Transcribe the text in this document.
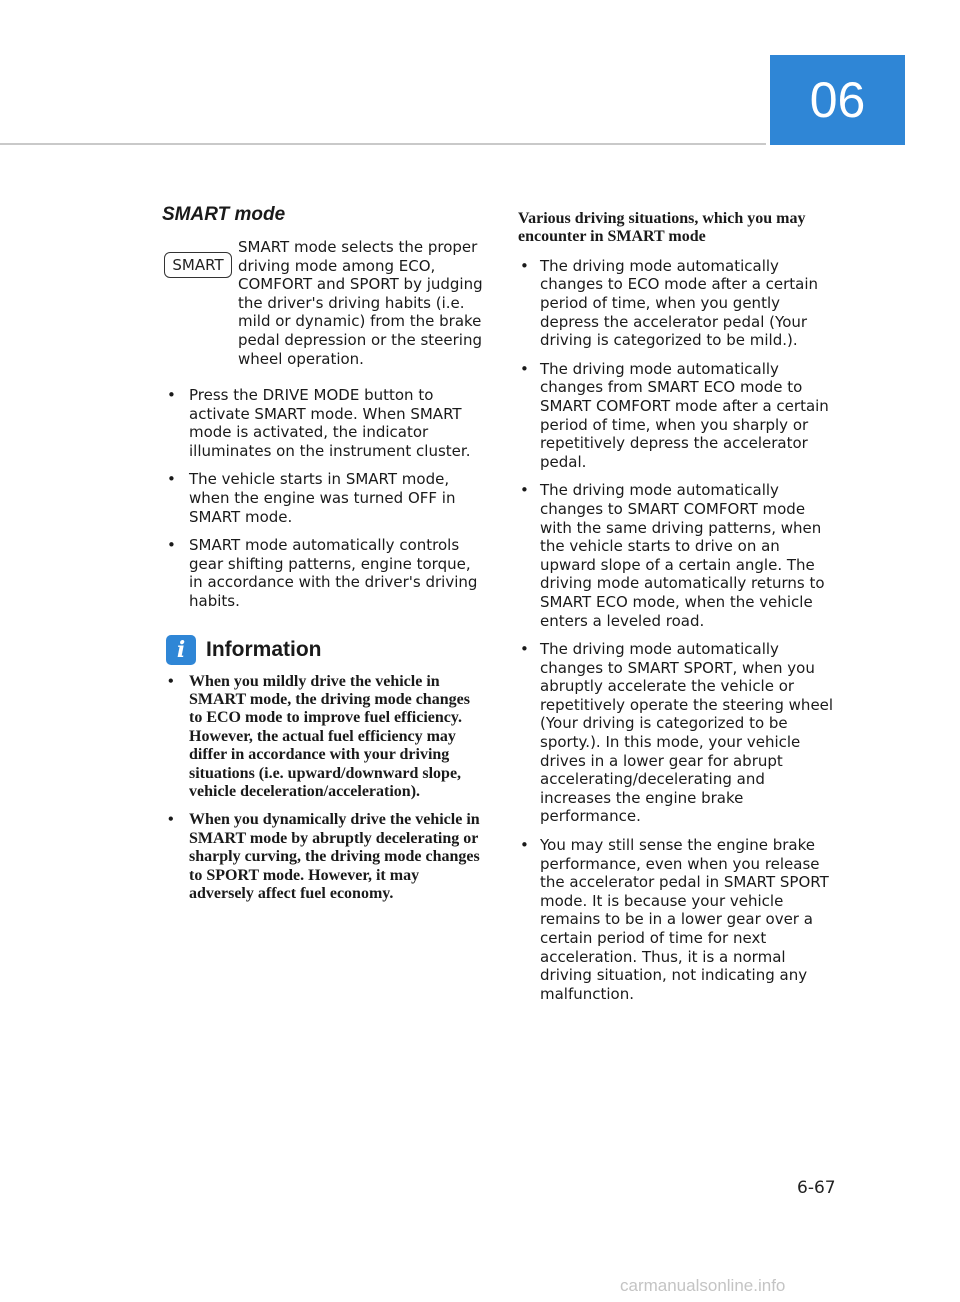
06
SMART mode
SMART
SMART mode selects the proper driving mode among ECO, COMFORT and SPORT by judging the driver's driving habits (i.e. mild or dynamic) from the brake pedal depression or the steering wheel operation.
• Press the DRIVE MODE button to activate SMART mode. When SMART mode is activated, the indicator illuminates on the instrument cluster.
• The vehicle starts in SMART mode, when the engine was turned OFF in SMART mode.
• SMART mode automatically controls gear shifting patterns, engine torque, in accordance with the driver's driving habits.
i Information
• When you mildly drive the vehicle in SMART mode, the driving mode changes to ECO mode to improve fuel efficiency. However, the actual fuel efficiency may differ in accordance with your driving situations (i.e. upward/downward slope, vehicle deceleration/acceleration).
• When you dynamically drive the vehicle in SMART mode by abruptly decelerating or sharply curving, the driving mode changes to SPORT mode. However, it may adversely affect fuel economy.
Various driving situations, which you may encounter in SMART mode
• The driving mode automatically changes to ECO mode after a certain period of time, when you gently depress the accelerator pedal (Your driving is categorized to be mild.).
• The driving mode automatically changes from SMART ECO mode to SMART COMFORT mode after a certain period of time, when you sharply or repetitively depress the accelerator pedal.
• The driving mode automatically changes to SMART COMFORT mode with the same driving patterns, when the vehicle starts to drive on an upward slope of a certain angle. The driving mode automatically returns to SMART ECO mode, when the vehicle enters a leveled road.
• The driving mode automatically changes to SMART SPORT, when you abruptly accelerate the vehicle or repetitively operate the steering wheel (Your driving is categorized to be sporty.). In this mode, your vehicle drives in a lower gear for abrupt accelerating/decelerating and increases the engine brake performance.
• You may still sense the engine brake performance, even when you release the accelerator pedal in SMART SPORT mode. It is because your vehicle remains to be in a lower gear over a certain period of time for next acceleration. Thus, it is a normal driving situation, not indicating any malfunction.
6-67
carmanualsonline.info
